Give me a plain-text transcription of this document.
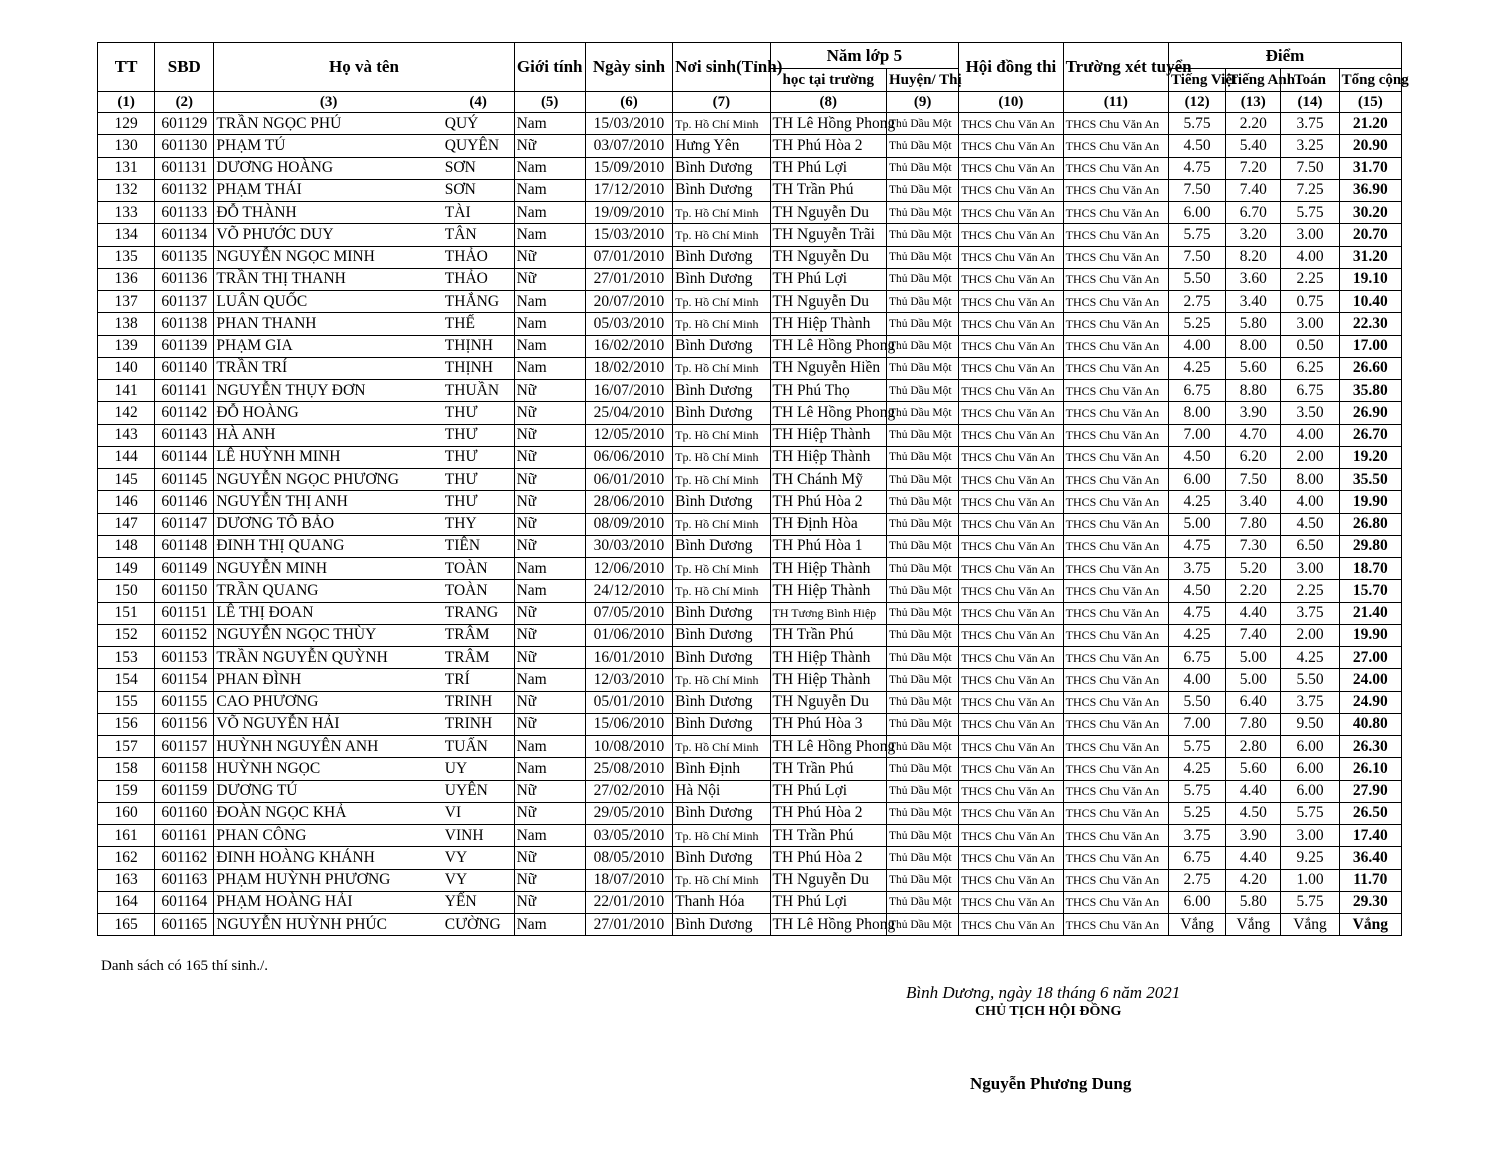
TT	SBD	Họ và tên		Giới tính	Ngày sinh	Nơi sinh(Tỉnh)	Năm lớp 5		Hội đồng thi	Trường xét tuyển	Điểm			
							học tại trường	Huyện/ Thị			Tiếng Việt	Tiếng Anh	Toán	Tổng cộng
(1)	(2)	(3)	(4)	(5)	(6)	(7)	(8)	(9)	(10)	(11)	(12)	(13)	(14)	(15)
129	601129	TRẦN NGỌC PHÚ	QUÝ	Nam	15/03/2010	Tp. Hồ Chí Minh	TH Lê Hồng Phong	Thủ Dầu Một	THCS Chu Văn An	THCS Chu Văn An	5.75	2.20	3.75	21.20
130	601130	PHẠM TÚ	QUYÊN	Nữ	03/07/2010	Hưng Yên	TH Phú Hòa 2	Thủ Dầu Một	THCS Chu Văn An	THCS Chu Văn An	4.50	5.40	3.25	20.90
131	601131	DƯƠNG HOÀNG	SƠN	Nam	15/09/2010	Bình Dương	TH Phú Lợi	Thủ Dầu Một	THCS Chu Văn An	THCS Chu Văn An	4.75	7.20	7.50	31.70
132	601132	PHẠM THÁI	SƠN	Nam	17/12/2010	Bình Dương	TH Trần Phú	Thủ Dầu Một	THCS Chu Văn An	THCS Chu Văn An	7.50	7.40	7.25	36.90
133	601133	ĐỖ THÀNH	TÀI	Nam	19/09/2010	Tp. Hồ Chí Minh	TH Nguyễn Du	Thủ Dầu Một	THCS Chu Văn An	THCS Chu Văn An	6.00	6.70	5.75	30.20
134	601134	VÕ PHƯỚC DUY	TÂN	Nam	15/03/2010	Tp. Hồ Chí Minh	TH Nguyễn Trãi	Thủ Dầu Một	THCS Chu Văn An	THCS Chu Văn An	5.75	3.20	3.00	20.70
135	601135	NGUYỄN NGỌC MINH	THẢO	Nữ	07/01/2010	Bình Dương	TH Nguyễn Du	Thủ Dầu Một	THCS Chu Văn An	THCS Chu Văn An	7.50	8.20	4.00	31.20
136	601136	TRẦN THỊ THANH	THẢO	Nữ	27/01/2010	Bình Dương	TH Phú Lợi	Thủ Dầu Một	THCS Chu Văn An	THCS Chu Văn An	5.50	3.60	2.25	19.10
137	601137	LUÂN QUỐC	THẮNG	Nam	20/07/2010	Tp. Hồ Chí Minh	TH Nguyễn Du	Thủ Dầu Một	THCS Chu Văn An	THCS Chu Văn An	2.75	3.40	0.75	10.40
138	601138	PHAN THANH	THẾ	Nam	05/03/2010	Tp. Hồ Chí Minh	TH Hiệp Thành	Thủ Dầu Một	THCS Chu Văn An	THCS Chu Văn An	5.25	5.80	3.00	22.30
139	601139	PHẠM GIA	THỊNH	Nam	16/02/2010	Bình Dương	TH Lê Hồng Phong	Thủ Dầu Một	THCS Chu Văn An	THCS Chu Văn An	4.00	8.00	0.50	17.00
140	601140	TRẦN TRÍ	THỊNH	Nam	18/02/2010	Tp. Hồ Chí Minh	TH Nguyễn Hiền	Thủ Dầu Một	THCS Chu Văn An	THCS Chu Văn An	4.25	5.60	6.25	26.60
141	601141	NGUYỄN THỤY ĐƠN	THUẦN	Nữ	16/07/2010	Bình Dương	TH Phú Thọ	Thủ Dầu Một	THCS Chu Văn An	THCS Chu Văn An	6.75	8.80	6.75	35.80
142	601142	ĐỖ HOÀNG	THƯ	Nữ	25/04/2010	Bình Dương	TH Lê Hồng Phong	Thủ Dầu Một	THCS Chu Văn An	THCS Chu Văn An	8.00	3.90	3.50	26.90
143	601143	HÀ ANH	THƯ	Nữ	12/05/2010	Tp. Hồ Chí Minh	TH Hiệp Thành	Thủ Dầu Một	THCS Chu Văn An	THCS Chu Văn An	7.00	4.70	4.00	26.70
144	601144	LÊ HUỲNH MINH	THƯ	Nữ	06/06/2010	Tp. Hồ Chí Minh	TH Hiệp Thành	Thủ Dầu Một	THCS Chu Văn An	THCS Chu Văn An	4.50	6.20	2.00	19.20
145	601145	NGUYỄN NGỌC PHƯƠNG	THƯ	Nữ	06/01/2010	Tp. Hồ Chí Minh	TH Chánh Mỹ	Thủ Dầu Một	THCS Chu Văn An	THCS Chu Văn An	6.00	7.50	8.00	35.50
146	601146	NGUYỄN THỊ ANH	THƯ	Nữ	28/06/2010	Bình Dương	TH Phú Hòa 2	Thủ Dầu Một	THCS Chu Văn An	THCS Chu Văn An	4.25	3.40	4.00	19.90
147	601147	DƯƠNG TÔ BẢO	THY	Nữ	08/09/2010	Tp. Hồ Chí Minh	TH Định Hòa	Thủ Dầu Một	THCS Chu Văn An	THCS Chu Văn An	5.00	7.80	4.50	26.80
148	601148	ĐINH THỊ QUANG	TIÊN	Nữ	30/03/2010	Bình Dương	TH Phú Hòa 1	Thủ Dầu Một	THCS Chu Văn An	THCS Chu Văn An	4.75	7.30	6.50	29.80
149	601149	NGUYỄN MINH	TOÀN	Nam	12/06/2010	Tp. Hồ Chí Minh	TH Hiệp Thành	Thủ Dầu Một	THCS Chu Văn An	THCS Chu Văn An	3.75	5.20	3.00	18.70
150	601150	TRẦN QUANG	TOÀN	Nam	24/12/2010	Tp. Hồ Chí Minh	TH Hiệp Thành	Thủ Dầu Một	THCS Chu Văn An	THCS Chu Văn An	4.50	2.20	2.25	15.70
151	601151	LÊ THỊ ĐOAN	TRANG	Nữ	07/05/2010	Bình Dương	TH Tương Bình Hiệp	Thủ Dầu Một	THCS Chu Văn An	THCS Chu Văn An	4.75	4.40	3.75	21.40
152	601152	NGUYỄN NGỌC THÙY	TRÂM	Nữ	01/06/2010	Bình Dương	TH Trần Phú	Thủ Dầu Một	THCS Chu Văn An	THCS Chu Văn An	4.25	7.40	2.00	19.90
153	601153	TRẦN NGUYỄN QUỲNH	TRÂM	Nữ	16/01/2010	Bình Dương	TH Hiệp Thành	Thủ Dầu Một	THCS Chu Văn An	THCS Chu Văn An	6.75	5.00	4.25	27.00
154	601154	PHAN ĐÌNH	TRÍ	Nam	12/03/2010	Tp. Hồ Chí Minh	TH Hiệp Thành	Thủ Dầu Một	THCS Chu Văn An	THCS Chu Văn An	4.00	5.00	5.50	24.00
155	601155	CAO PHƯƠNG	TRINH	Nữ	05/01/2010	Bình Dương	TH Nguyễn Du	Thủ Dầu Một	THCS Chu Văn An	THCS Chu Văn An	5.50	6.40	3.75	24.90
156	601156	VÕ NGUYỄN HẢI	TRINH	Nữ	15/06/2010	Bình Dương	TH Phú Hòa 3	Thủ Dầu Một	THCS Chu Văn An	THCS Chu Văn An	7.00	7.80	9.50	40.80
157	601157	HUỲNH NGUYÊN ANH	TUẤN	Nam	10/08/2010	Tp. Hồ Chí Minh	TH Lê Hồng Phong	Thủ Dầu Một	THCS Chu Văn An	THCS Chu Văn An	5.75	2.80	6.00	26.30
158	601158	HUỲNH NGỌC	UY	Nam	25/08/2010	Bình Định	TH Trần Phú	Thủ Dầu Một	THCS Chu Văn An	THCS Chu Văn An	4.25	5.60	6.00	26.10
159	601159	DƯƠNG TÚ	UYÊN	Nữ	27/02/2010	Hà Nội	TH Phú Lợi	Thủ Dầu Một	THCS Chu Văn An	THCS Chu Văn An	5.75	4.40	6.00	27.90
160	601160	ĐOÀN NGỌC KHẢ	VI	Nữ	29/05/2010	Bình Dương	TH Phú Hòa 2	Thủ Dầu Một	THCS Chu Văn An	THCS Chu Văn An	5.25	4.50	5.75	26.50
161	601161	PHAN CÔNG	VINH	Nam	03/05/2010	Tp. Hồ Chí Minh	TH Trần Phú	Thủ Dầu Một	THCS Chu Văn An	THCS Chu Văn An	3.75	3.90	3.00	17.40
162	601162	ĐINH HOÀNG KHÁNH	VY	Nữ	08/05/2010	Bình Dương	TH Phú Hòa 2	Thủ Dầu Một	THCS Chu Văn An	THCS Chu Văn An	6.75	4.40	9.25	36.40
163	601163	PHẠM HUỲNH PHƯƠNG	VY	Nữ	18/07/2010	Tp. Hồ Chí Minh	TH Nguyễn Du	Thủ Dầu Một	THCS Chu Văn An	THCS Chu Văn An	2.75	4.20	1.00	11.70
164	601164	PHẠM HOÀNG HẢI	YẾN	Nữ	22/01/2010	Thanh Hóa	TH Phú Lợi	Thủ Dầu Một	THCS Chu Văn An	THCS Chu Văn An	6.00	5.80	5.75	29.30
165	601165	NGUYỄN HUỲNH PHÚC	CƯỜNG	Nam	27/01/2010	Bình Dương	TH Lê Hồng Phong	Thủ Dầu Một	THCS Chu Văn An	THCS Chu Văn An	Vắng	Vắng	Vắng	Vắng
Danh sách có 165 thí sinh./.
Bình Dương, ngày 18 tháng 6 năm 2021
CHỦ TỊCH HỘI ĐỒNG
Nguyễn Phương Dung
